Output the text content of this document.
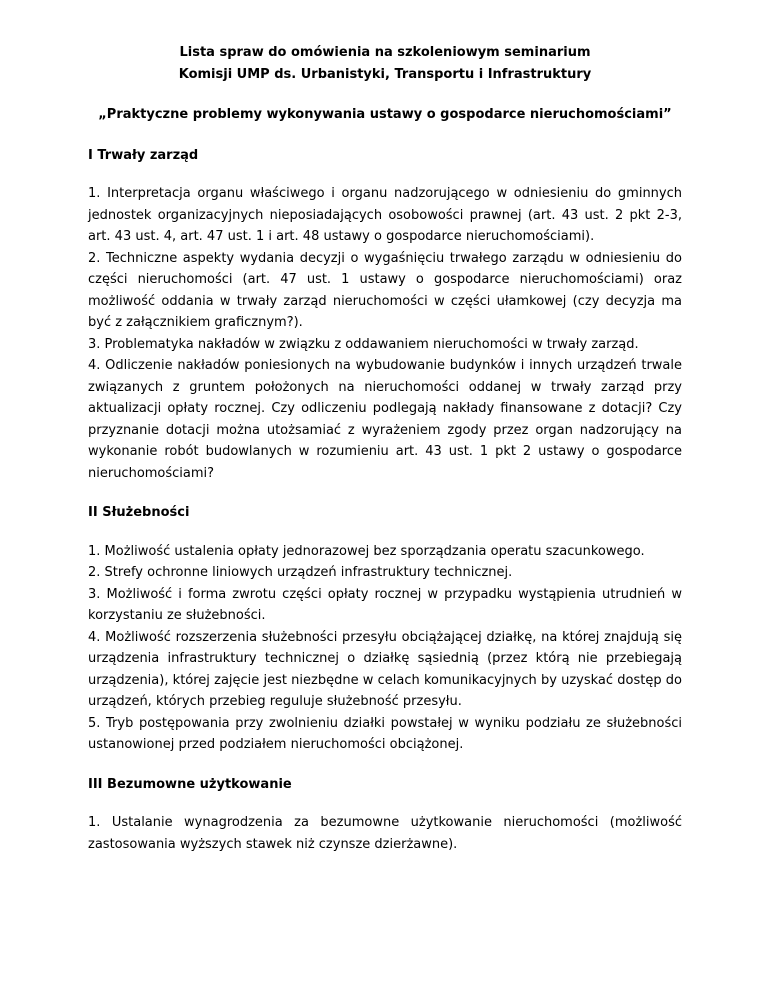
Lista spraw do omówienia na szkoleniowym seminarium
Komisji UMP ds. Urbanistyki, Transportu i Infrastruktury
„Praktyczne problemy wykonywania ustawy o gospodarce nieruchomościami”
I Trwały zarząd

1. Interpretacja organu właściwego i organu nadzorującego w odniesieniu do gminnych jednostek organizacyjnych nieposiadających osobowości prawnej (art. 43 ust. 2 pkt 2-3, art. 43 ust. 4, art. 47 ust. 1 i art. 48 ustawy o gospodarce nieruchomościami).

2. Techniczne aspekty wydania decyzji o wygaśnięciu trwałego zarządu w odniesieniu do części nieruchomości (art. 47 ust. 1 ustawy o gospodarce nieruchomościami) oraz możliwość oddania w trwały zarząd nieruchomości w części ułamkowej (czy decyzja ma być z załącznikiem graficznym?).

3. Problematyka nakładów w związku z oddawaniem nieruchomości w trwały zarząd.

4. Odliczenie nakładów poniesionych na wybudowanie budynków i innych urządzeń trwale związanych z gruntem położonych na nieruchomości oddanej w trwały zarząd przy aktualizacji opłaty rocznej. Czy odliczeniu podlegają nakłady finansowane z dotacji? Czy przyznanie dotacji można utożsamiać z wyrażeniem zgody przez organ nadzorujący na wykonanie robót budowlanych w rozumieniu art. 43 ust. 1 pkt 2 ustawy o gospodarce nieruchomościami?

II Służebności

1. Możliwość ustalenia opłaty jednorazowej bez sporządzania operatu szacunkowego.

2. Strefy ochronne liniowych urządzeń infrastruktury technicznej.

3. Możliwość i forma zwrotu części opłaty rocznej w przypadku wystąpienia utrudnień w korzystaniu ze służebności.

4. Możliwość rozszerzenia służebności przesyłu obciążającej działkę, na której znajdują się urządzenia infrastruktury technicznej o działkę sąsiednią (przez którą nie przebiegają urządzenia), której zajęcie jest niezbędne w celach komunikacyjnych by uzyskać dostęp do urządzeń, których przebieg reguluje służebność przesyłu.

5. Tryb postępowania przy zwolnieniu działki powstałej w wyniku podziału ze służebności ustanowionej przed podziałem nieruchomości obciążonej.

III Bezumowne użytkowanie

1. Ustalanie wynagrodzenia za bezumowne użytkowanie nieruchomości (możliwość zastosowania wyższych stawek niż czynsze dzierżawne).
